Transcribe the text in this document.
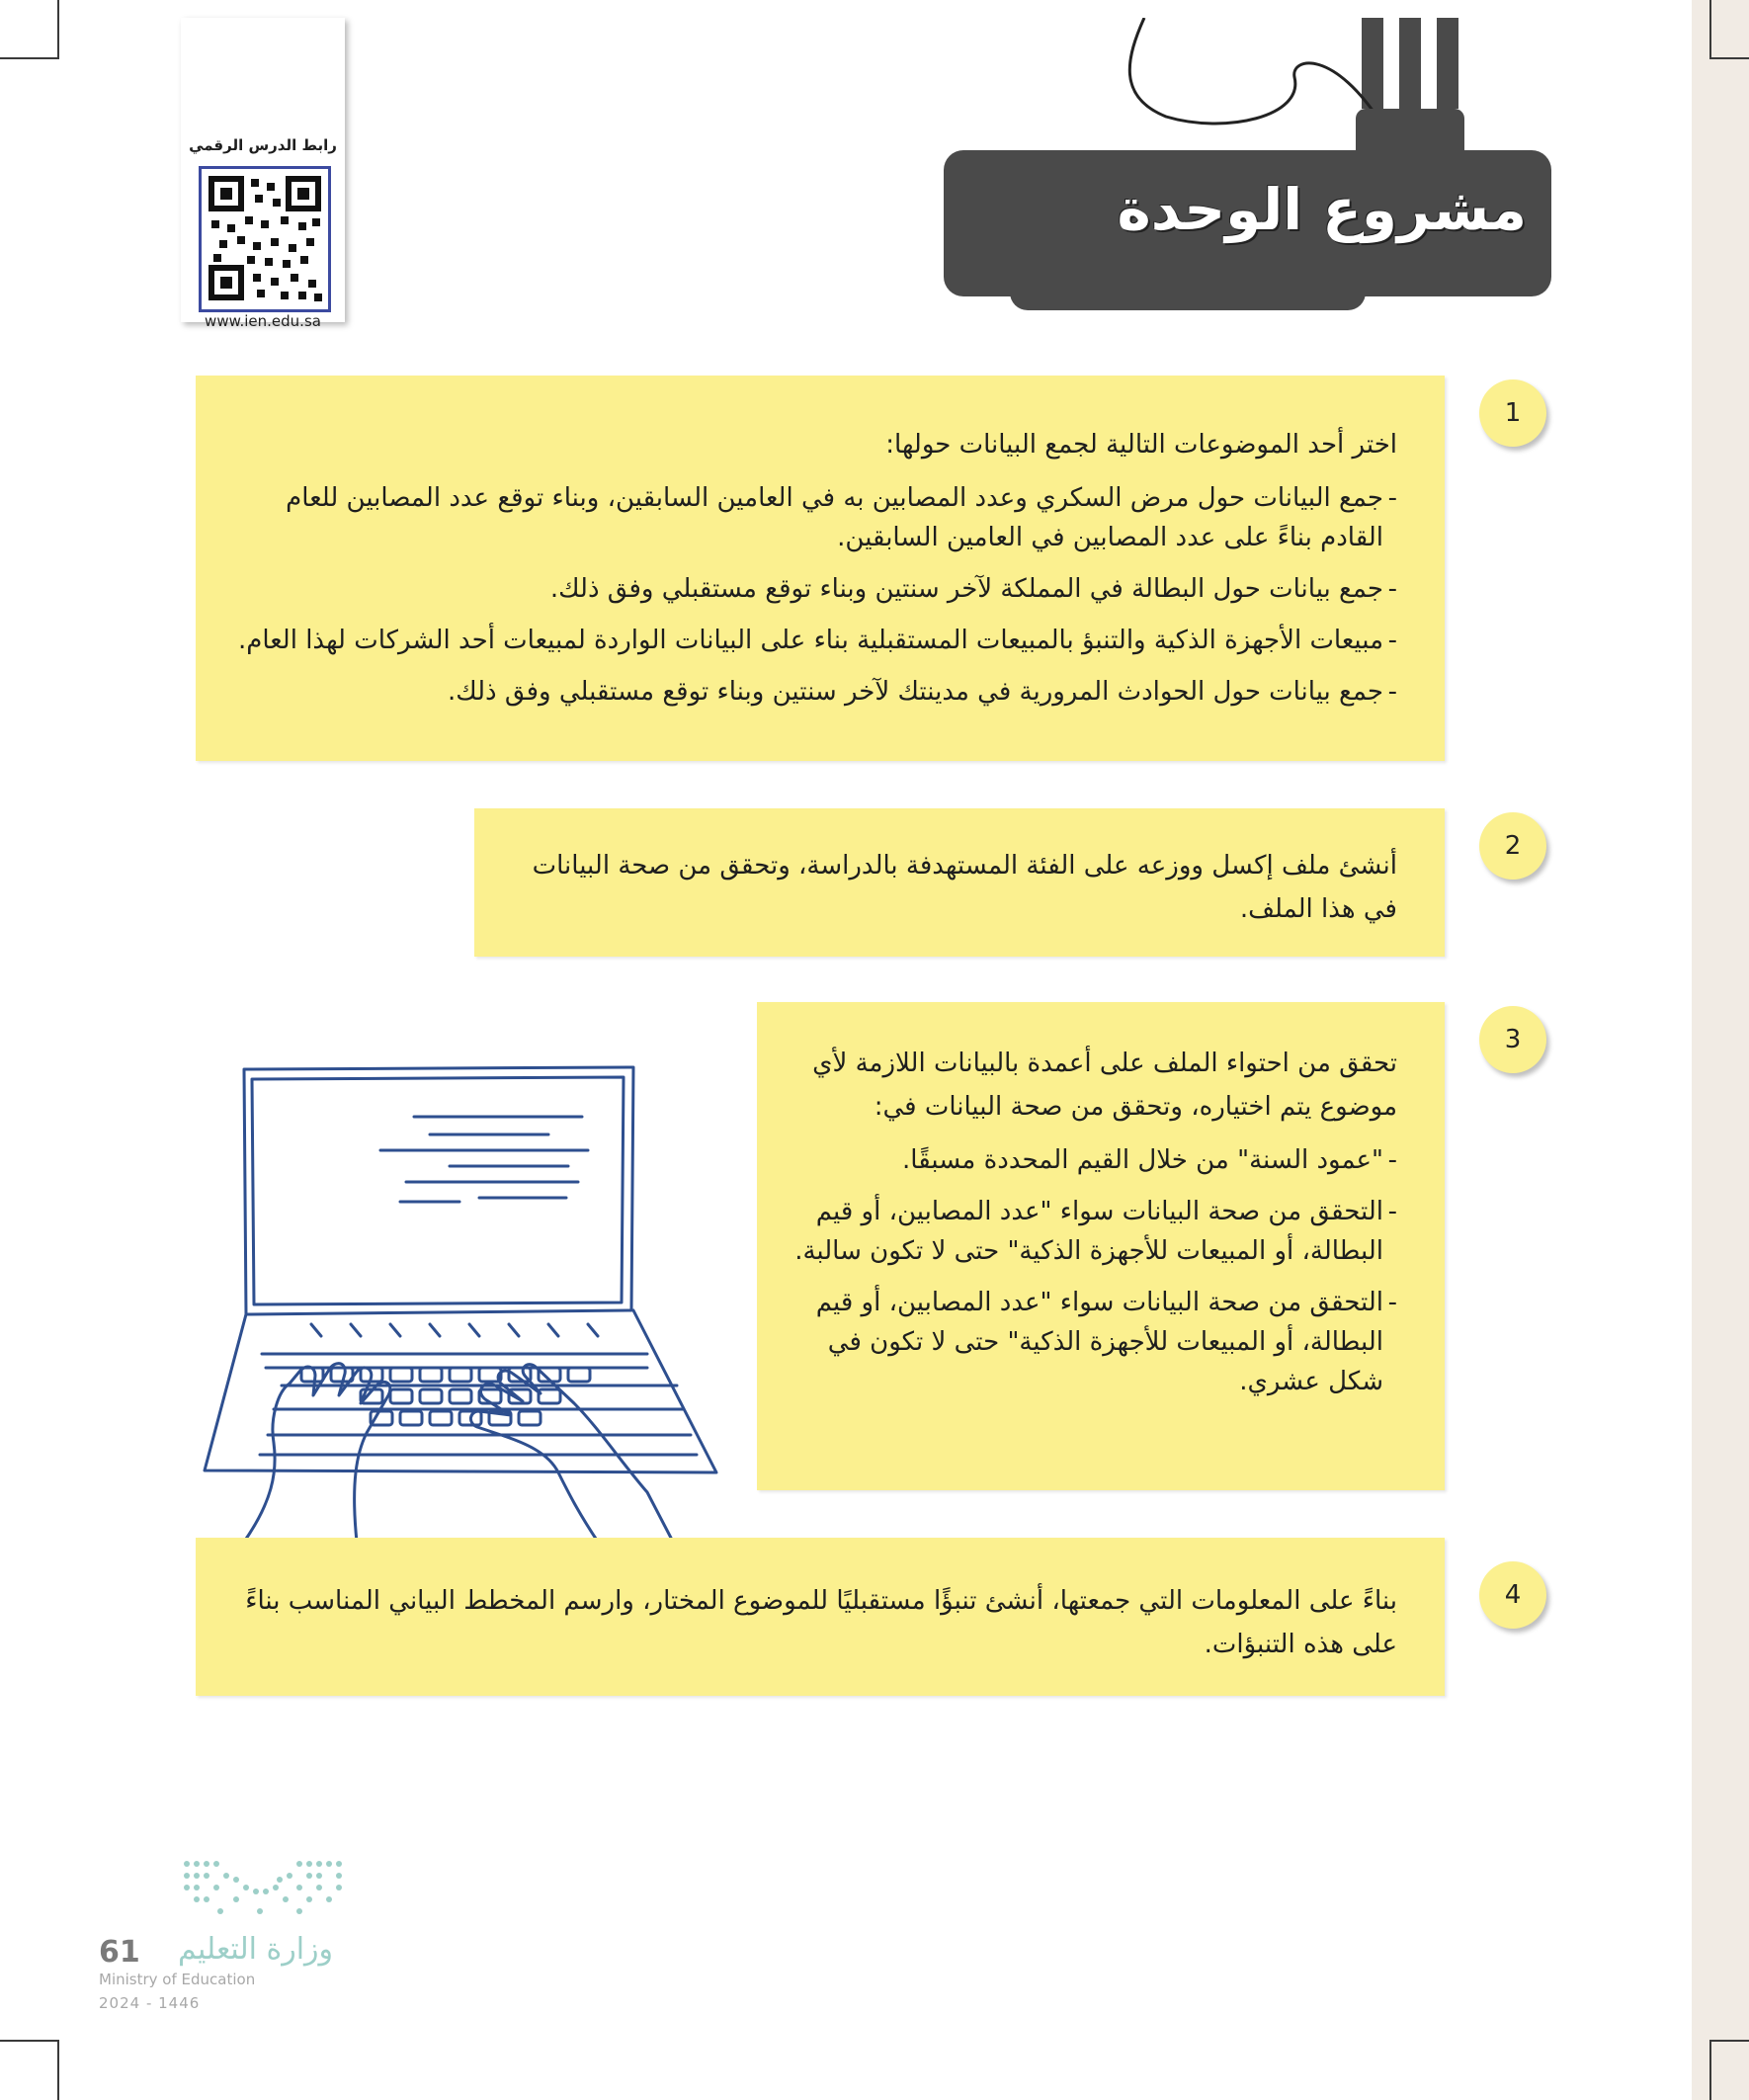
رابط الدرس الرقمي
www.ien.edu.sa
مشروع الوحدة
1

اختر أحد الموضوعات التالية لجمع البيانات حولها:

- جمع البيانات حول مرض السكري وعدد المصابين به في العامين السابقين، وبناء توقع عدد المصابين للعام القادم بناءً على عدد المصابين في العامين السابقين.
- جمع بيانات حول البطالة في المملكة لآخر سنتين وبناء توقع مستقبلي وفق ذلك.
- مبيعات الأجهزة الذكية والتنبؤ بالمبيعات المستقبلية بناء على البيانات الواردة لمبيعات أحد الشركات لهذا العام.
- جمع بيانات حول الحوادث المرورية في مدينتك لآخر سنتين وبناء توقع مستقبلي وفق ذلك.
2

أنشئ ملف إكسل ووزعه على الفئة المستهدفة بالدراسة، وتحقق من صحة البيانات في هذا الملف.

3

تحقق من احتواء الملف على أعمدة بالبيانات اللازمة لأي موضوع يتم اختياره، وتحقق من صحة البيانات في:

- "عمود السنة" من خلال القيم المحددة مسبقًا.
- التحقق من صحة البيانات سواء "عدد المصابين، أو قيم البطالة، أو المبيعات للأجهزة الذكية" حتى لا تكون سالبة.
- التحقق من صحة البيانات سواء "عدد المصابين، أو قيم البطالة، أو المبيعات للأجهزة الذكية" حتى لا تكون في شكل عشري.
4

بناءً على المعلومات التي جمعتها، أنشئ تنبؤًا مستقبليًا للموضوع المختار، وارسم المخطط البياني المناسب بناءً على هذه التنبؤات.

وزارة التعليم
61
Ministry of Education
2024 - 1446
